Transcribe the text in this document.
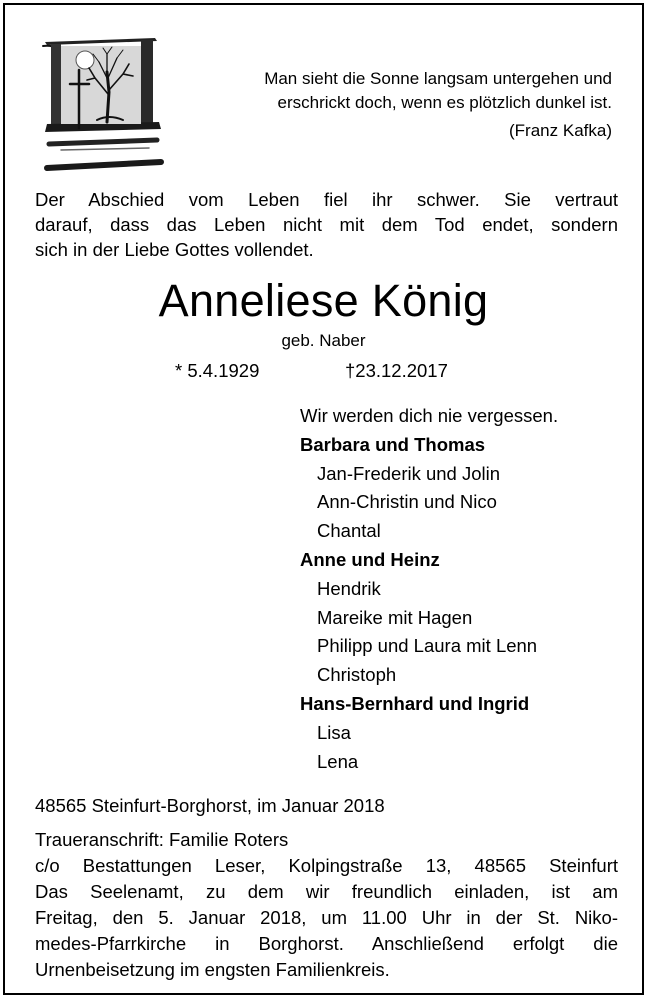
Man sieht die Sonne langsam untergehen und
erschrickt doch, wenn es plötzlich dunkel ist.
(Franz Kafka)
Der Abschied vom Leben fiel ihr schwer. Sie vertraut
darauf, dass das Leben nicht mit dem Tod endet, sondern
sich in der Liebe Gottes vollendet.
Anneliese König
geb. Naber
* 5.4.1929	†23.12.2017
Wir werden dich nie vergessen.
Barbara und Thomas
Jan-Frederik und Jolin
Ann-Christin und Nico
Chantal
Anne und Heinz
Hendrik
Mareike mit Hagen
Philipp und Laura mit Lenn
Christoph
Hans-Bernhard und Ingrid
Lisa
Lena
48565 Steinfurt-Borghorst, im Januar 2018
Traueranschrift: Familie Roters
c/o Bestattungen Leser, Kolpingstraße 13, 48565 Steinfurt
Das Seelenamt, zu dem wir freundlich einladen, ist am
Freitag, den 5. Januar 2018, um 11.00 Uhr in der St. Niko-
medes-Pfarrkirche in Borghorst. Anschließend erfolgt die
Urnenbeisetzung im engsten Familienkreis.
